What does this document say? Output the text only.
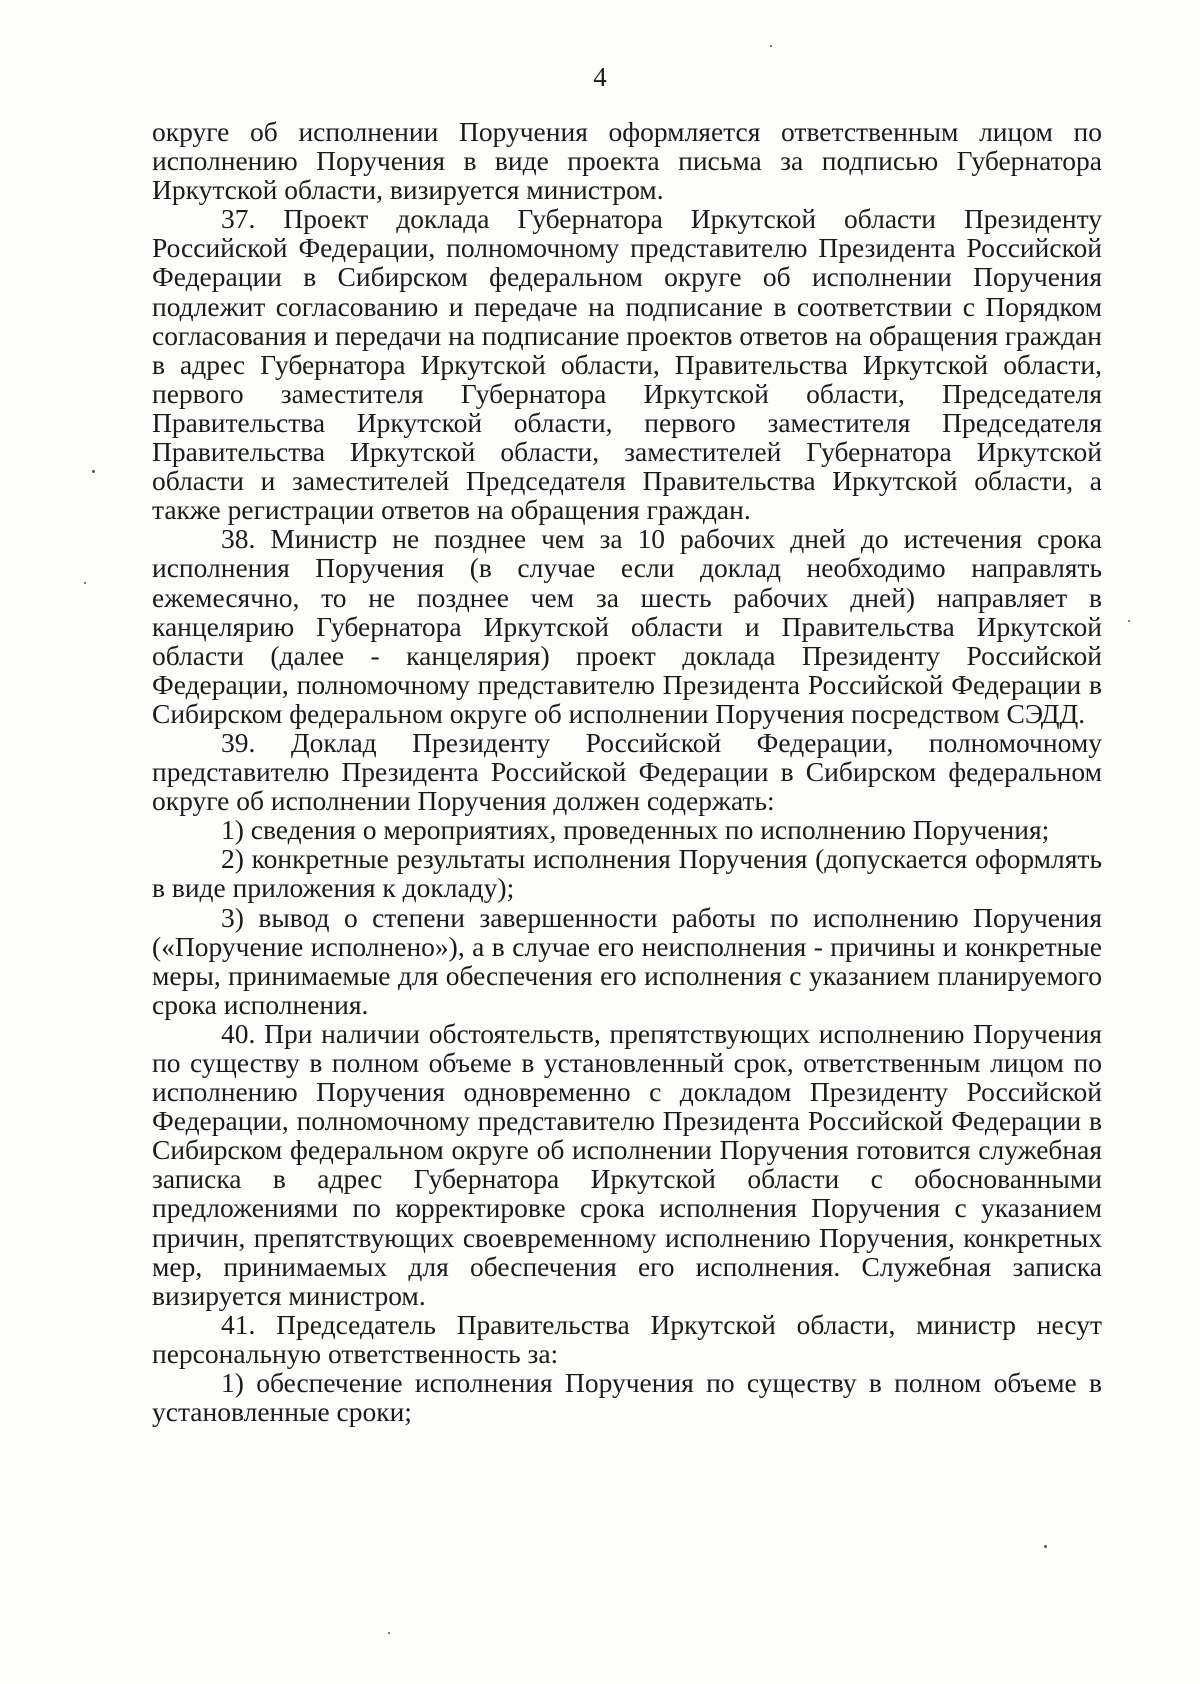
4

округе об исполнении Поручения оформляется ответственным лицом по исполнению Поручения в виде проекта письма за подписью Губернатора Иркутской области, визируется министром.

37. Проект доклада Губернатора Иркутской области Президенту Российской Федерации, полномочному представителю Президента Российской Федерации в Сибирском федеральном округе об исполнении Поручения подлежит согласованию и передаче на подписание в соответствии с Порядком согласования и передачи на подписание проектов ответов на обращения граждан в адрес Губернатора Иркутской области, Правительства Иркутской области, первого заместителя Губернатора Иркутской области, Председателя Правительства Иркутской области, первого заместителя Председателя Правительства Иркутской области, заместителей Губернатора Иркутской области и заместителей Председателя Правительства Иркутской области, а также регистрации ответов на обращения граждан.

38. Министр не позднее чем за 10 рабочих дней до истечения срока исполнения Поручения (в случае если доклад необходимо направлять ежемесячно, то не позднее чем за шесть рабочих дней) направляет в канцелярию Губернатора Иркутской области и Правительства Иркутской области (далее - канцелярия) проект доклада Президенту Российской Федерации, полномочному представителю Президента Российской Федерации в Сибирском федеральном округе об исполнении Поручения посредством СЭДД.

39. Доклад Президенту Российской Федерации, полномочному представителю Президента Российской Федерации в Сибирском федеральном округе об исполнении Поручения должен содержать:

1) сведения о мероприятиях, проведенных по исполнению Поручения;

2) конкретные результаты исполнения Поручения (допускается оформлять в виде приложения к докладу);

3) вывод о степени завершенности работы по исполнению Поручения («Поручение исполнено»), а в случае его неисполнения - причины и конкретные меры, принимаемые для обеспечения его исполнения с указанием планируемого срока исполнения.

40. При наличии обстоятельств, препятствующих исполнению Поручения по существу в полном объеме в установленный срок, ответственным лицом по исполнению Поручения одновременно с докладом Президенту Российской Федерации, полномочному представителю Президента Российской Федерации в Сибирском федеральном округе об исполнении Поручения готовится служебная записка в адрес Губернатора Иркутской области с обоснованными предложениями по корректировке срока исполнения Поручения с указанием причин, препятствующих своевременному исполнению Поручения, конкретных мер, принимаемых для обеспечения его исполнения. Служебная записка визируется министром.

41. Председатель Правительства Иркутской области, министр несут персональную ответственность за:

1) обеспечение исполнения Поручения по существу в полном объеме в установленные сроки;
